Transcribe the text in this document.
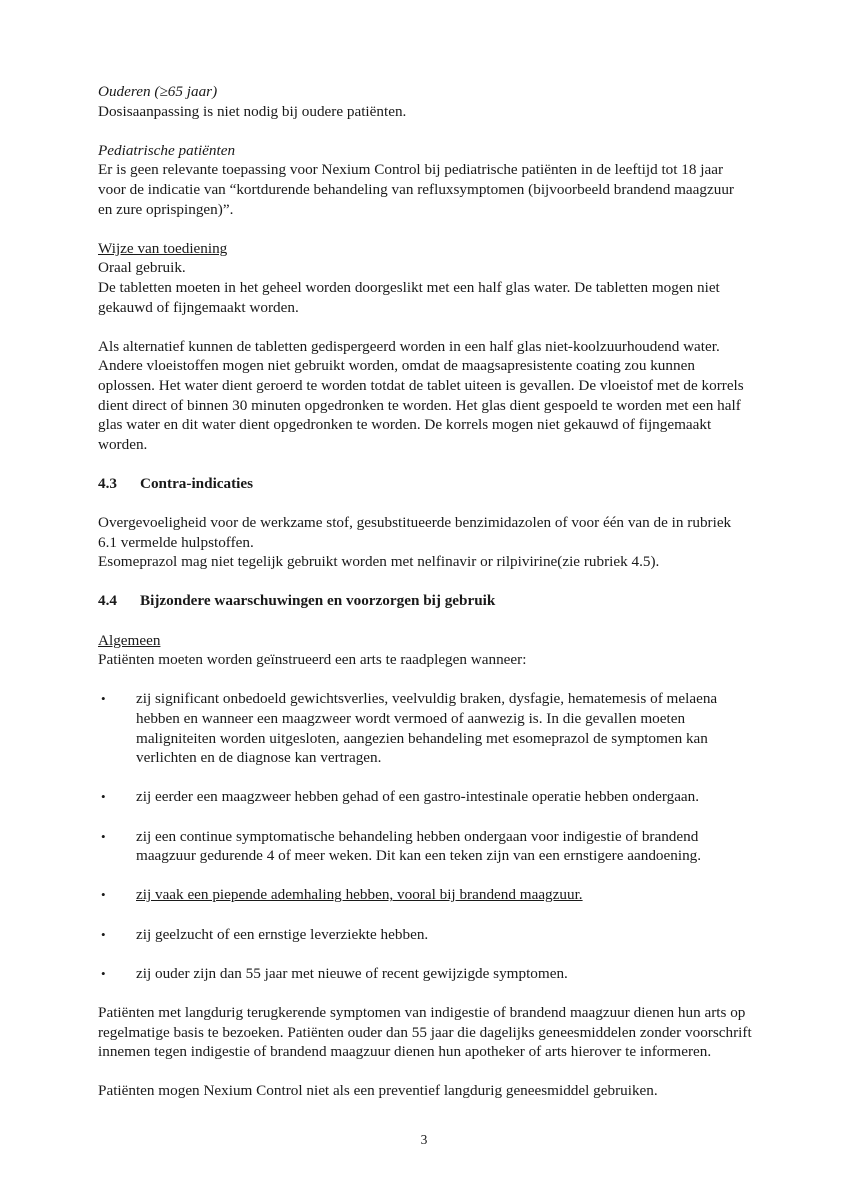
Ouderen (≥65 jaar)

Dosisaanpassing is niet nodig bij oudere patiënten.

Pediatrische patiënten

Er is geen relevante toepassing voor Nexium Control bij pediatrische patiënten in de leeftijd tot 18 jaar voor de indicatie van “kortdurende behandeling van refluxsymptomen (bijvoorbeeld brandend maagzuur en zure oprispingen)”.

Wijze van toediening

Oraal gebruik.

De tabletten moeten in het geheel worden doorgeslikt met een half glas water. De tabletten mogen niet gekauwd of fijngemaakt worden.

Als alternatief kunnen de tabletten gedispergeerd worden in een half glas niet-koolzuurhoudend water. Andere vloeistoffen mogen niet gebruikt worden, omdat de maagsapresistente coating zou kunnen oplossen. Het water dient geroerd te worden totdat de tablet uiteen is gevallen. De vloeistof met de korrels dient direct of binnen 30 minuten opgedronken te worden. Het glas dient gespoeld te worden met een half glas water en dit water dient opgedronken te worden. De korrels mogen niet gekauwd of fijngemaakt worden.

4.3	Contra-indicaties

Overgevoeligheid voor de werkzame stof, gesubstitueerde benzimidazolen of voor één van de in rubriek 6.1 vermelde hulpstoffen.

Esomeprazol mag niet tegelijk gebruikt worden met nelfinavir or rilpivirine(zie rubriek 4.5).

4.4	Bijzondere waarschuwingen en voorzorgen bij gebruik

Algemeen

Patiënten moeten worden geïnstrueerd een arts te raadplegen wanneer:

•	zij significant onbedoeld gewichtsverlies, veelvuldig braken, dysfagie, hematemesis of melaena hebben en wanneer een maagzweer wordt vermoed of aanwezig is. In die gevallen moeten maligniteiten worden uitgesloten, aangezien behandeling met esomeprazol de symptomen kan verlichten en de diagnose kan vertragen.
•	zij eerder een maagzweer hebben gehad of een gastro-intestinale operatie hebben ondergaan.
•	zij een continue symptomatische behandeling hebben ondergaan voor indigestie of brandend maagzuur gedurende 4 of meer weken. Dit kan een teken zijn van een ernstigere aandoening.
•	zij vaak een piepende ademhaling hebben, vooral bij brandend maagzuur.
•	zij geelzucht of een ernstige leverziekte hebben.
•	zij ouder zijn dan 55 jaar met nieuwe of recent gewijzigde symptomen.

Patiënten met langdurig terugkerende symptomen van indigestie of brandend maagzuur dienen hun arts op regelmatige basis te bezoeken. Patiënten ouder dan 55 jaar die dagelijks geneesmiddelen zonder voorschrift innemen tegen indigestie of brandend maagzuur dienen hun apotheker of arts hierover te informeren.

Patiënten mogen Nexium Control niet als een preventief langdurig geneesmiddel gebruiken.

3
